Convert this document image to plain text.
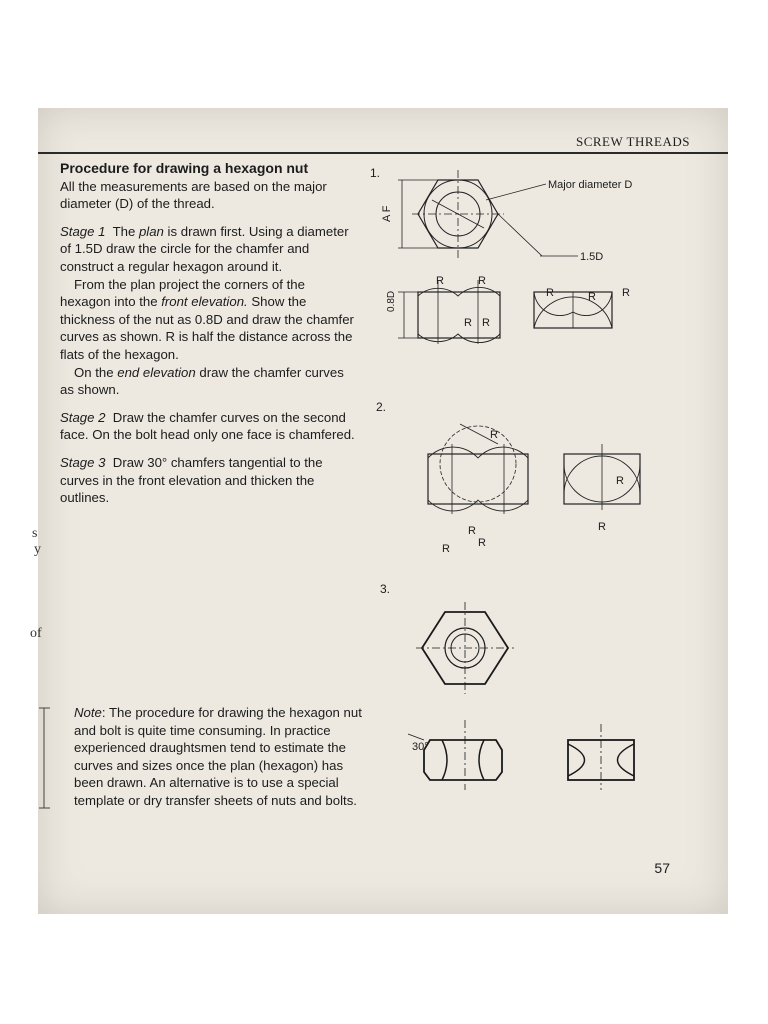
SCREW THREADS
s
y
of

Procedure for drawing a hexagon nut

All the measurements are based on the major diameter (D) of the thread.

Stage 1 The plan is drawn first. Using a diameter of 1.5D draw the circle for the chamfer and construct a regular hexagon around it.

From the plan project the corners of the hexagon into the front elevation. Show the thickness of the nut as 0.8D and draw the chamfer curves as shown. R is half the distance across the flats of the hexagon.

On the end elevation draw the chamfer curves as shown.

Stage 2 Draw the chamfer curves on the second face. On the bolt head only one face is chamfered.

Stage 3 Draw 30° chamfers tangential to the curves in the front elevation and thicken the outlines.

Note: The procedure for drawing the hexagon nut and bolt is quite time consuming. In practice experienced draughtsmen tend to estimate the curves and sizes once the plan (hexagon) has been drawn. An alternative is to use a special template or dry transfer sheets of nuts and bolts.
1.
A F
Major diameter D
1.5D
0.8D
R	R
R R
R	R R
2.
R
R
R
R
R
R
3.
30°
57
